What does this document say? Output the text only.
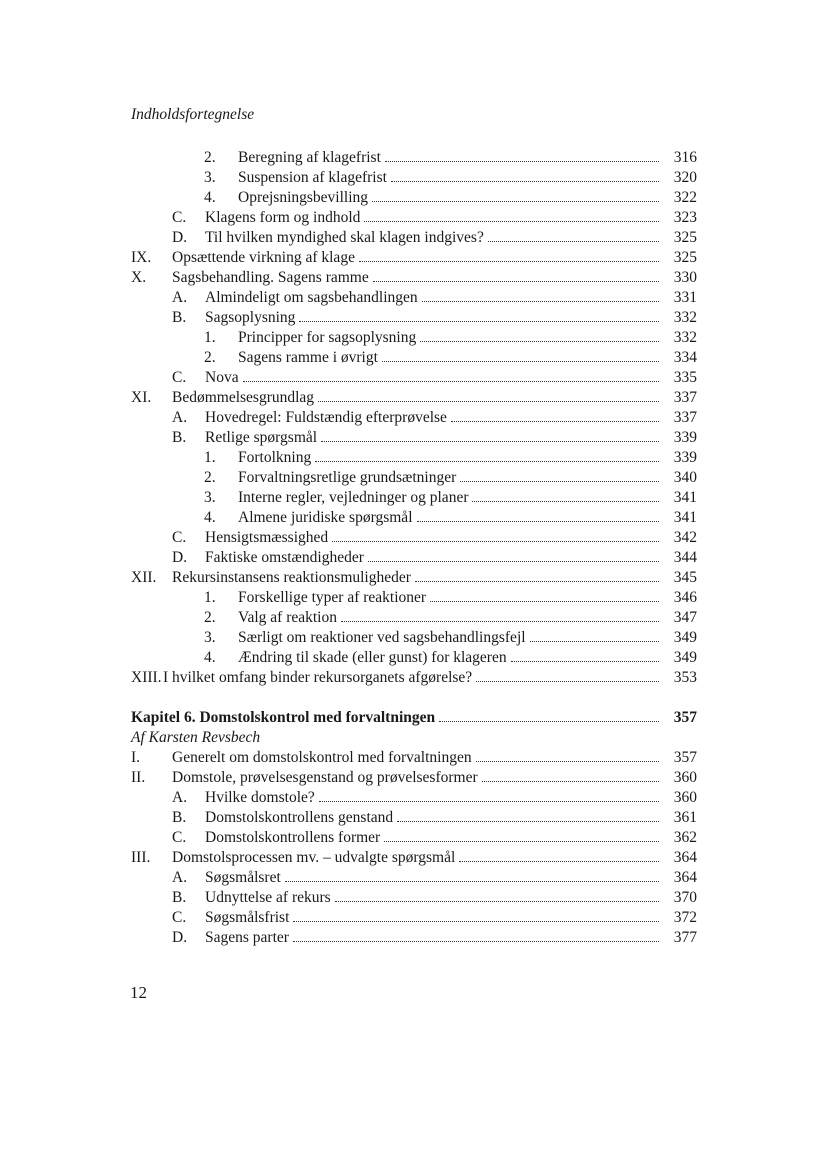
Indholdsfortegnelse
2. Beregning af klagefrist	316
3. Suspension af klagefrist	320
4. Oprejsningsbevilling	322
C. Klagens form og indhold	323
D. Til hvilken myndighed skal klagen indgives?	325
IX. Opsættende virkning af klage	325
X. Sagsbehandling. Sagens ramme	330
A. Almindeligt om sagsbehandlingen	331
B. Sagsoplysning	332
1. Principper for sagsoplysning	332
2. Sagens ramme i øvrigt	334
C. Nova	335
XI. Bedømmelsesgrundlag	337
A. Hovedregel: Fuldstændig efterprøvelse	337
B. Retlige spørgsmål	339
1. Fortolkning	339
2. Forvaltningsretlige grundsætninger	340
3. Interne regler, vejledninger og planer	341
4. Almene juridiske spørgsmål	341
C. Hensigtsmæssighed	342
D. Faktiske omstændigheder	344
XII. Rekursinstansens reaktionsmuligheder	345
1. Forskellige typer af reaktioner	346
2. Valg af reaktion	347
3. Særligt om reaktioner ved sagsbehandlingsfejl	349
4. Ændring til skade (eller gunst) for klageren	349
XIII. I hvilket omfang binder rekursorganets afgørelse?	353
Kapitel 6. Domstolskontrol med forvaltningen	357
Af Karsten Revsbech
I. Generelt om domstolskontrol med forvaltningen	357
II. Domstole, prøvelsesgenstand og prøvelsesformer	360
A. Hvilke domstole?	360
B. Domstolskontrollens genstand	361
C. Domstolskontrollens former	362
III. Domstolsprocessen mv. – udvalgte spørgsmål	364
A. Søgsmålsret	364
B. Udnyttelse af rekurs	370
C. Søgsmålsfrist	372
D. Sagens parter	377
12
